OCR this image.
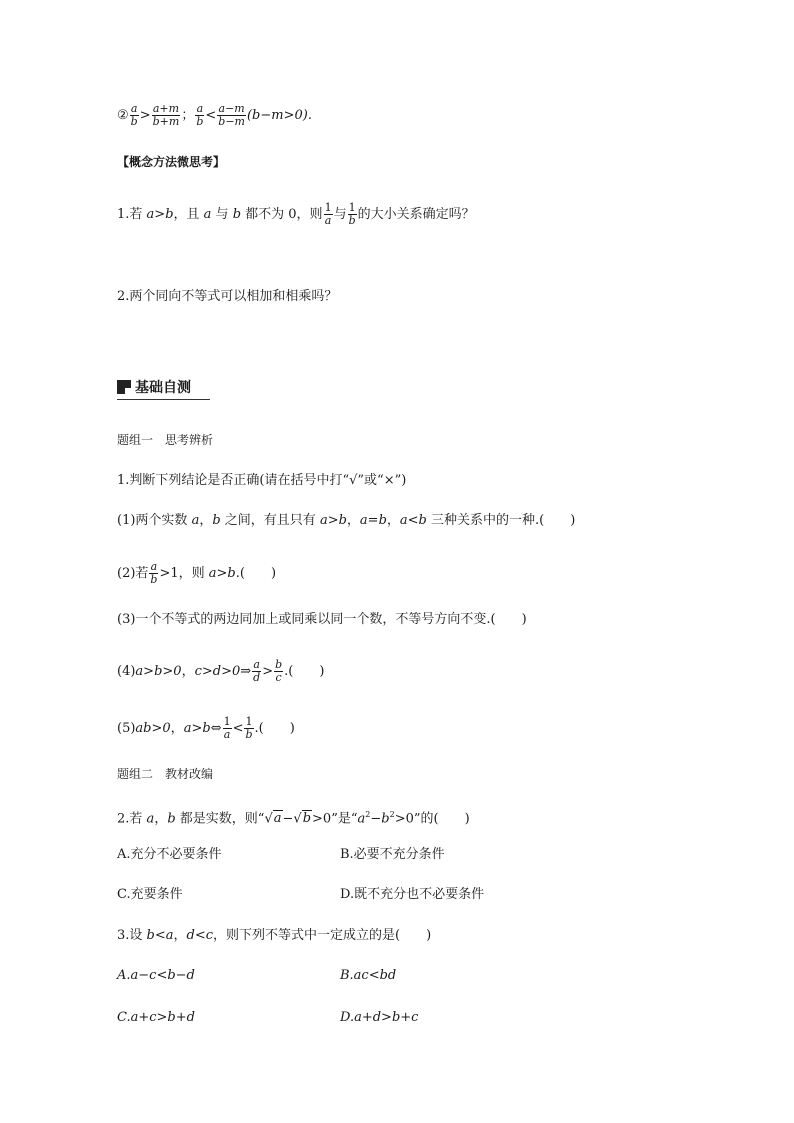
② $\frac{a}{b} > \frac{a+m}{b+m}$ ； $\frac{a}{b} < \frac{a-m}{b-m} (b-m>0)$.
【概念方法微思考】
1.若 a>b，且 a 与 b 都不为 0，则 $\frac{1}{a}$ 与 $\frac{1}{b}$ 的大小关系确定吗？
2.两个同向不等式可以相加和相乘吗？
基础自测
题组一　思考辨析
1.判断下列结论是否正确(请在括号中打“√”或“×”)
(1)两个实数 a，b 之间，有且只有 a>b，a=b，a<b 三种关系中的一种.(　　)
(2)若 $\frac{a}{b} >1$，则 a>b.(　　)
(3)一个不等式的两边同加上或同乘以同一个数，不等号方向不变.(　　)
(4)a>b>0，c>d>0⇒ $\frac{a}{d} > \frac{b}{c}$ .(　　)
(5)ab>0，a>b⇔ $\frac{1}{a} < \frac{1}{b}$ .(　　)
题组二　教材改编
2.若 a，b 都是实数，则“√a−√b>0”是“$a^2-b^2>0$”的(　　)
A.充分不必要条件	B.必要不充分条件
C.充要条件	D.既不充分也不必要条件
3.设 b<a，d<c，则下列不等式中一定成立的是(　　)
A.a−c<b−d	B.ac<bd
C.a+c>b+d	D.a+d>b+c
